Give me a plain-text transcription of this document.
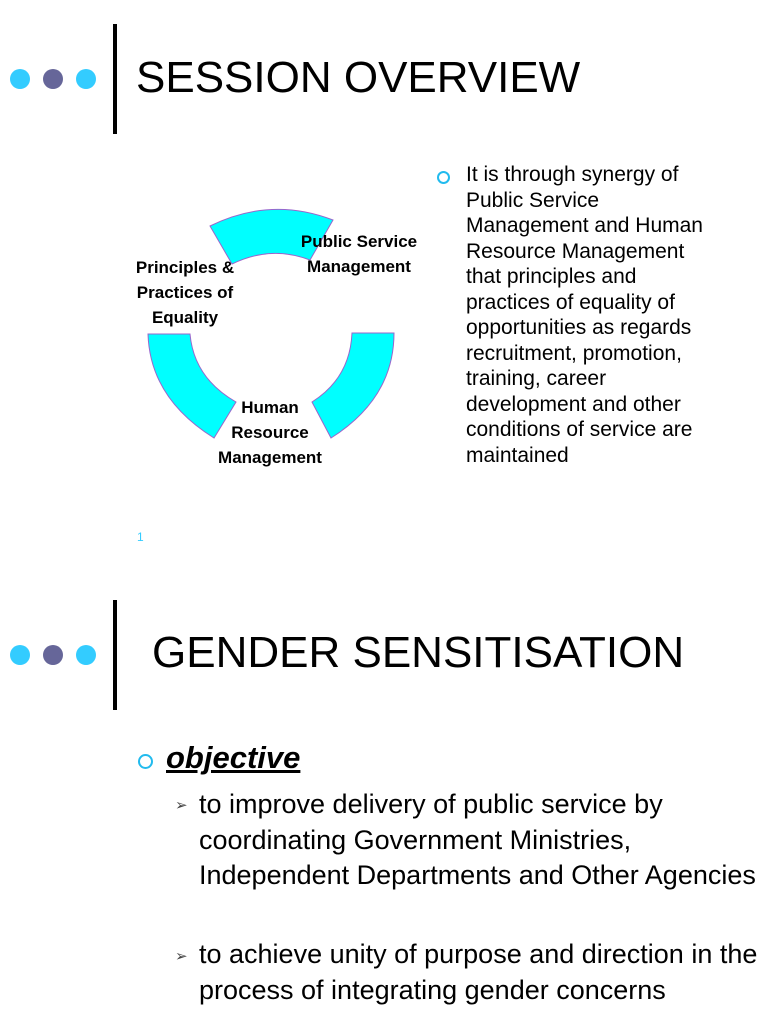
SESSION OVERVIEW
Public Service Management
Principles & Practices of Equality
Human Resource Management
It is through synergy of Public Service Management and Human Resource Management that principles and practices of equality of opportunities as regards recruitment, promotion, training, career development and other conditions of service are maintained
1
GENDER SENSITISATION
objective
➢ to improve delivery of public service by coordinating Government Ministries, Independent Departments and Other Agencies
➢ to achieve unity of purpose and direction in the process of integrating gender concerns
